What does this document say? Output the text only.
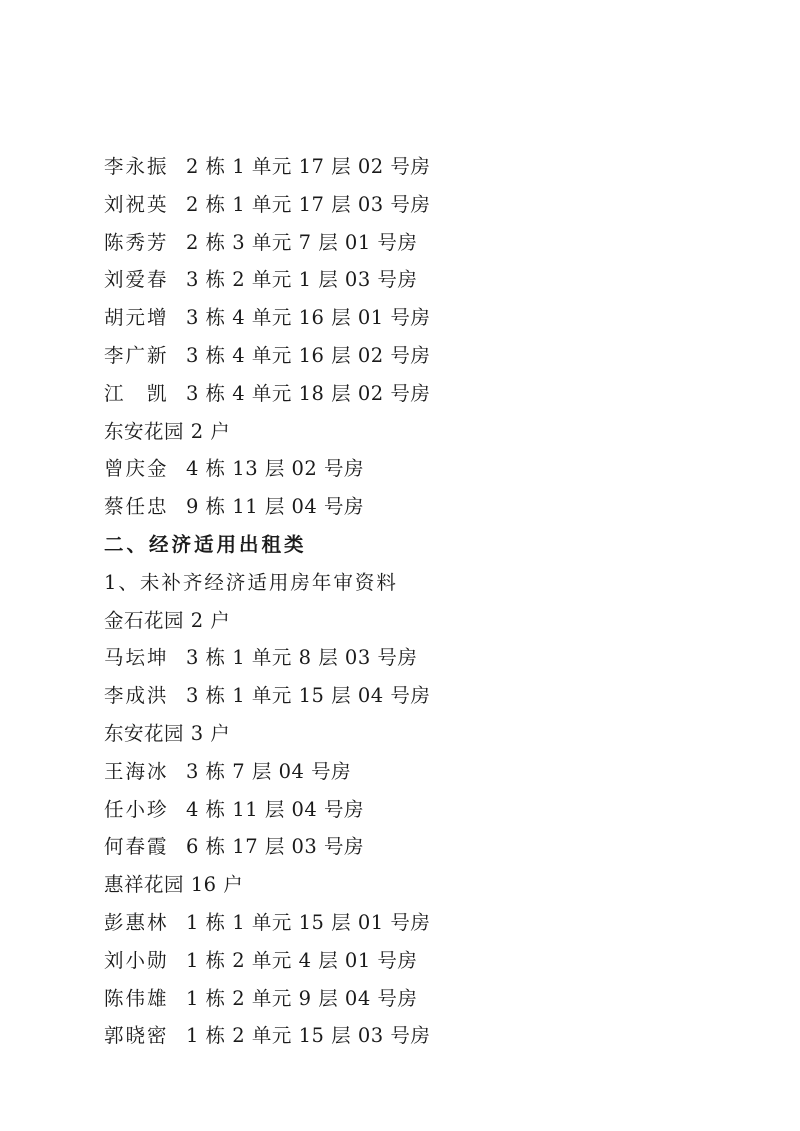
李永振 2 栋 1 单元 17 层 02 号房
刘祝英 2 栋 1 单元 17 层 03 号房
陈秀芳 2 栋 3 单元 7 层 01 号房
刘爱春 3 栋 2 单元 1 层 03 号房
胡元增 3 栋 4 单元 16 层 01 号房
李广新 3 栋 4 单元 16 层 02 号房
江　凯 3 栋 4 单元 18 层 02 号房
东安花园 2 户
曾庆金 4 栋 13 层 02 号房
蔡任忠 9 栋 11 层 04 号房
二、经济适用出租类
1、未补齐经济适用房年审资料
金石花园 2 户
马坛坤 3 栋 1 单元 8 层 03 号房
李成洪 3 栋 1 单元 15 层 04 号房
东安花园 3 户
王海冰 3 栋 7 层 04 号房
任小珍 4 栋 11 层 04 号房
何春霞 6 栋 17 层 03 号房
惠祥花园 16 户
彭惠林 1 栋 1 单元 15 层 01 号房
刘小勋 1 栋 2 单元 4 层 01 号房
陈伟雄 1 栋 2 单元 9 层 04 号房
郭晓密 1 栋 2 单元 15 层 03 号房
